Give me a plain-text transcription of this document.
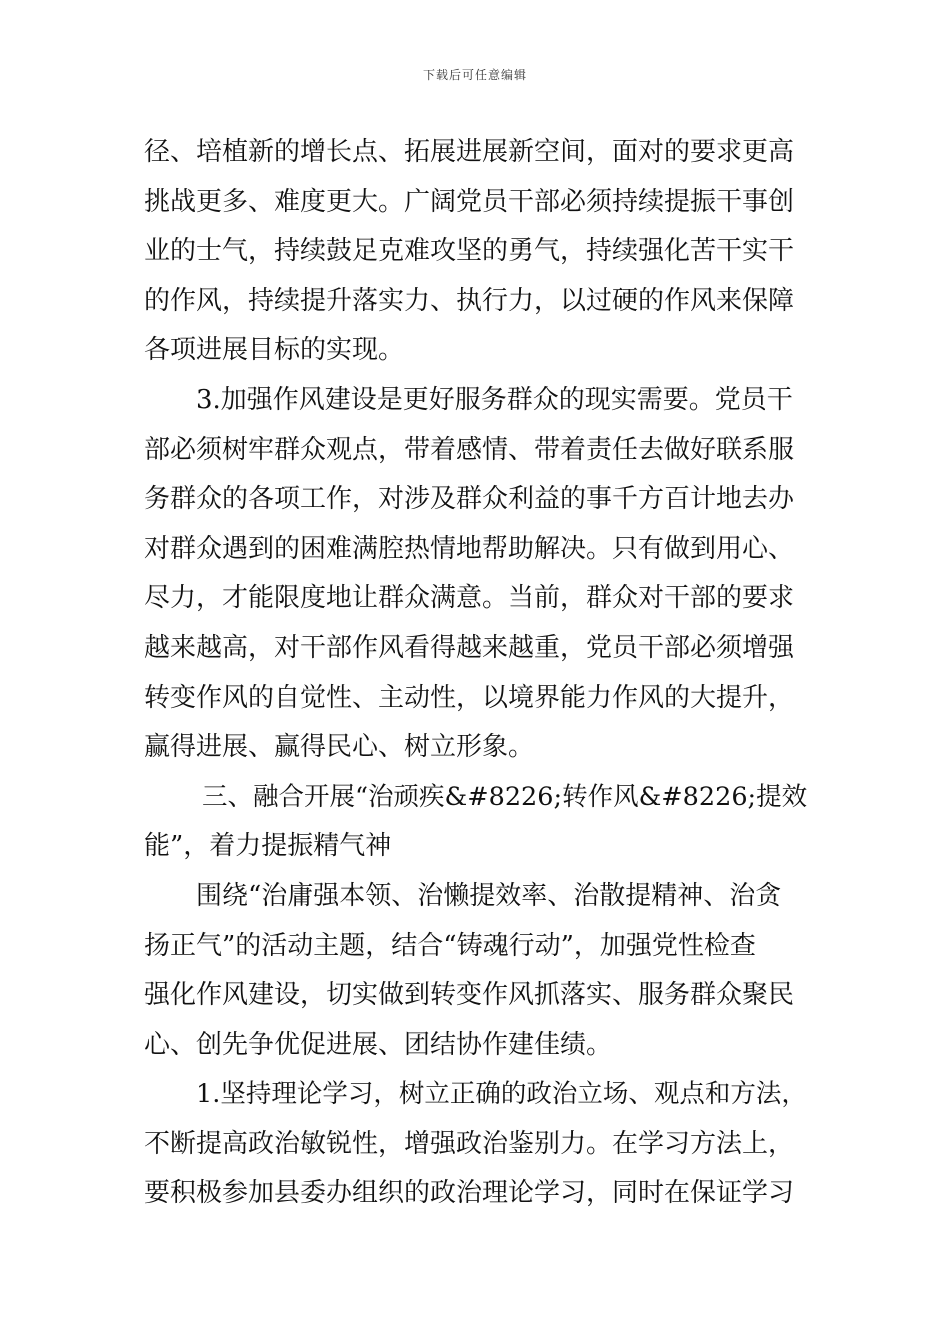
下载后可任意编辑
径、培植新的增长点、拓展进展新空间，面对的要求更高
挑战更多、难度更大。广阔党员干部必须持续提振干事创
业的士气，持续鼓足克难攻坚的勇气，持续强化苦干实干
的作风，持续提升落实力、执行力，以过硬的作风来保障
各项进展目标的实现。
3.加强作风建设是更好服务群众的现实需要。党员干
部必须树牢群众观点，带着感情、带着责任去做好联系服
务群众的各项工作，对涉及群众利益的事千方百计地去办
对群众遇到的困难满腔热情地帮助解决。只有做到用心、
尽力，才能限度地让群众满意。当前，群众对干部的要求
越来越高，对干部作风看得越来越重，党员干部必须增强
转变作风的自觉性、主动性，以境界能力作风的大提升，
赢得进展、赢得民心、树立形象。
三、融合开展“治顽疾&#8226;转作风&#8226;提效
能”，着力提振精气神
围绕“治庸强本领、治懒提效率、治散提精神、治贪
扬正气”的活动主题，结合“铸魂行动”，加强党性检查
强化作风建设，切实做到转变作风抓落实、服务群众聚民
心、创先争优促进展、团结协作建佳绩。
1.坚持理论学习，树立正确的政治立场、观点和方法，
不断提高政治敏锐性，增强政治鉴别力。在学习方法上，
要积极参加县委办组织的政治理论学习，同时在保证学习
